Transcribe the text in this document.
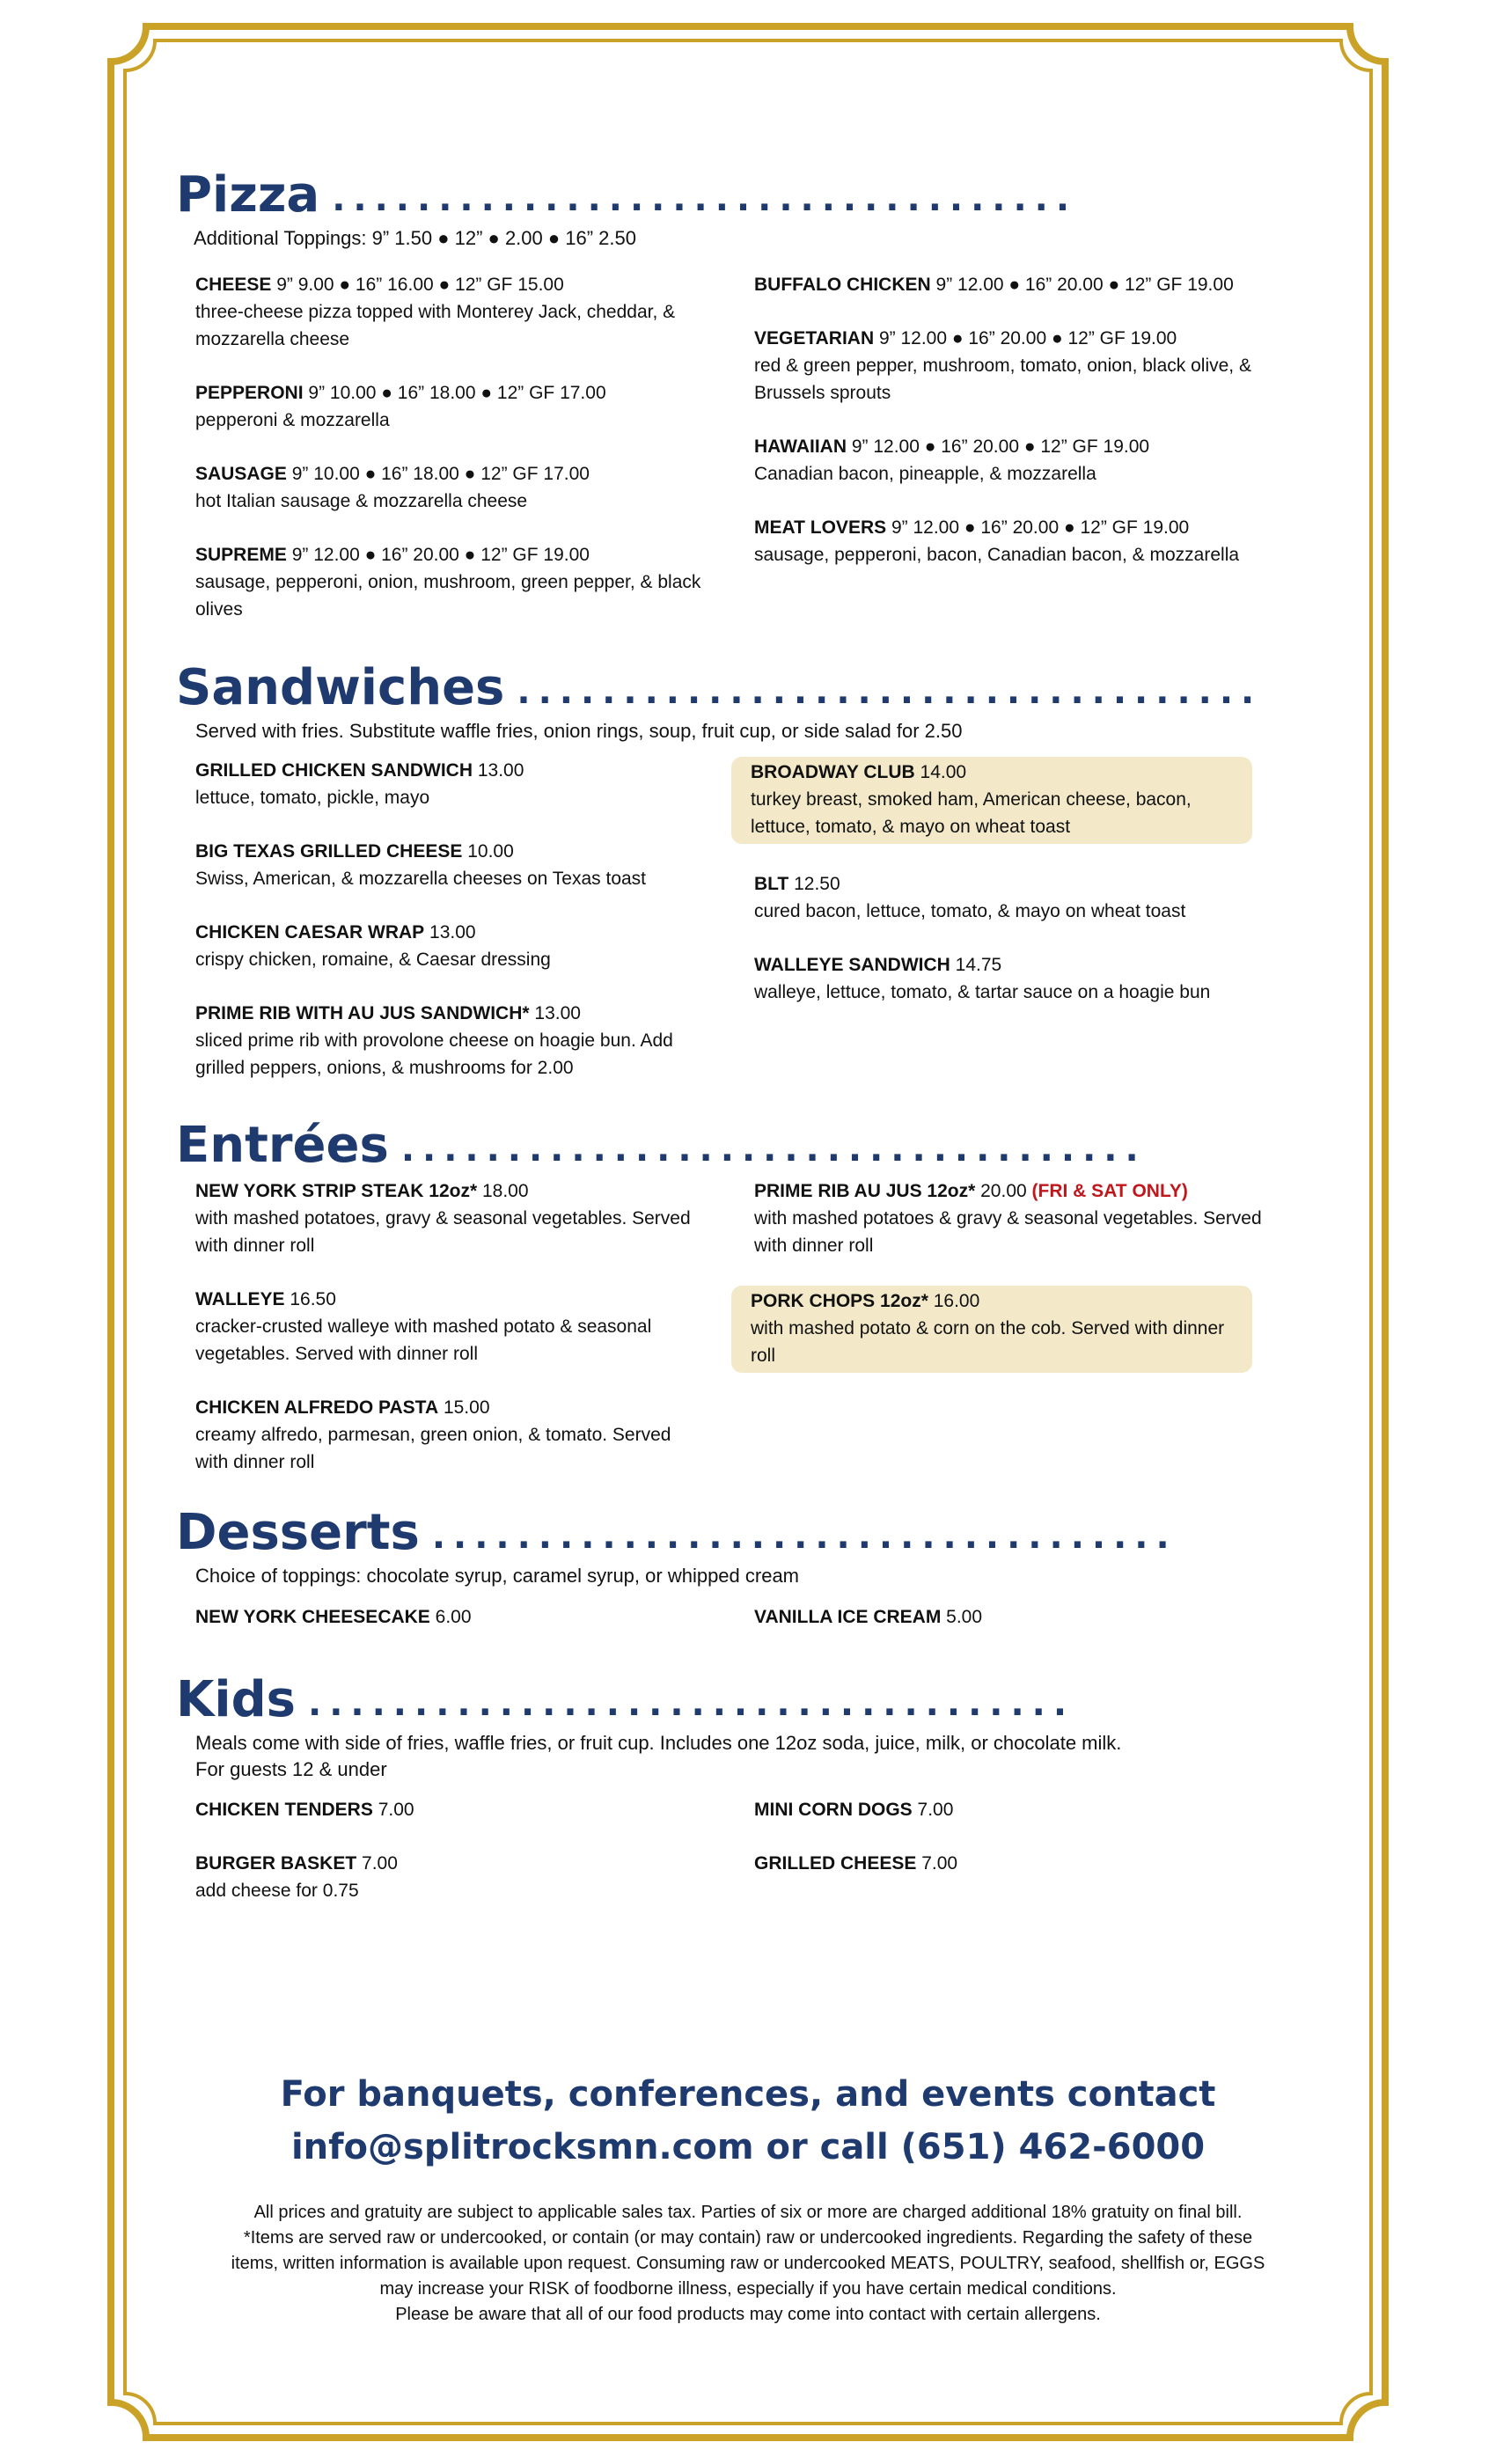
Pizza ...................................
Additional Toppings: 9” 1.50 ● 12” ● 2.00 ● 16” 2.50
CHEESE 9” 9.00 ● 16” 16.00 ● 12” GF 15.00
three-cheese pizza topped with Monterey Jack, cheddar, & mozzarella cheese
PEPPERONI 9” 10.00 ● 16” 18.00 ● 12” GF 17.00
pepperoni & mozzarella
SAUSAGE 9” 10.00 ● 16” 18.00 ● 12” GF 17.00
hot Italian sausage & mozzarella cheese
SUPREME 9” 12.00 ● 16” 20.00 ● 12” GF 19.00
sausage, pepperoni, onion, mushroom, green pepper, & black olives
BUFFALO CHICKEN 9” 12.00 ● 16” 20.00 ● 12” GF 19.00
VEGETARIAN 9” 12.00 ● 16” 20.00 ● 12” GF 19.00
red & green pepper, mushroom, tomato, onion, black olive, & Brussels sprouts
HAWAIIAN 9” 12.00 ● 16” 20.00 ● 12” GF 19.00
Canadian bacon, pineapple, & mozzarella
MEAT LOVERS 9” 12.00 ● 16” 20.00 ● 12” GF 19.00
sausage, pepperoni, bacon, Canadian bacon, & mozzarella
Sandwiches ...................................
Served with fries. Substitute waffle fries, onion rings, soup, fruit cup, or side salad for 2.50
GRILLED CHICKEN SANDWICH 13.00
lettuce, tomato, pickle, mayo
BIG TEXAS GRILLED CHEESE 10.00
Swiss, American, & mozzarella cheeses on Texas toast
CHICKEN CAESAR WRAP 13.00
crispy chicken, romaine, & Caesar dressing
PRIME RIB WITH AU JUS SANDWICH* 13.00
sliced prime rib with provolone cheese on hoagie bun. Add grilled peppers, onions, & mushrooms for 2.00
BROADWAY CLUB 14.00
turkey breast, smoked ham, American cheese, bacon, lettuce, tomato, & mayo on wheat toast
BLT 12.50
cured bacon, lettuce, tomato, & mayo on wheat toast
WALLEYE SANDWICH 14.75
walleye, lettuce, tomato, & tartar sauce on a hoagie bun
Entrées ...................................
NEW YORK STRIP STEAK 12oz* 18.00
with mashed potatoes, gravy & seasonal vegetables. Served with dinner roll
WALLEYE 16.50
cracker-crusted walleye with mashed potato & seasonal vegetables. Served with dinner roll
CHICKEN ALFREDO PASTA 15.00
creamy alfredo, parmesan, green onion, & tomato. Served with dinner roll
PRIME RIB AU JUS 12oz* 20.00 (FRI & SAT ONLY)
with mashed potatoes & gravy & seasonal vegetables. Served with dinner roll
PORK CHOPS 12oz* 16.00
with mashed potato & corn on the cob. Served with dinner roll
Desserts ...................................
Choice of toppings: chocolate syrup, caramel syrup, or whipped cream
NEW YORK CHEESECAKE 6.00	VANILLA ICE CREAM 5.00
Kids ....................................
Meals come with side of fries, waffle fries, or fruit cup. Includes one 12oz soda, juice, milk, or chocolate milk.
For guests 12 & under
CHICKEN TENDERS 7.00
BURGER BASKET 7.00
add cheese for 0.75
MINI CORN DOGS 7.00
GRILLED CHEESE 7.00
For banquets, conferences, and events contact
info@splitrocksmn.com or call (651) 462-6000
All prices and gratuity are subject to applicable sales tax. Parties of six or more are charged additional 18% gratuity on final bill.
*Items are served raw or undercooked, or contain (or may contain) raw or undercooked ingredients. Regarding the safety of these
items, written information is available upon request. Consuming raw or undercooked MEATS, POULTRY, seafood, shellfish or, EGGS
may increase your RISK of foodborne illness, especially if you have certain medical conditions.
Please be aware that all of our food products may come into contact with certain allergens.
